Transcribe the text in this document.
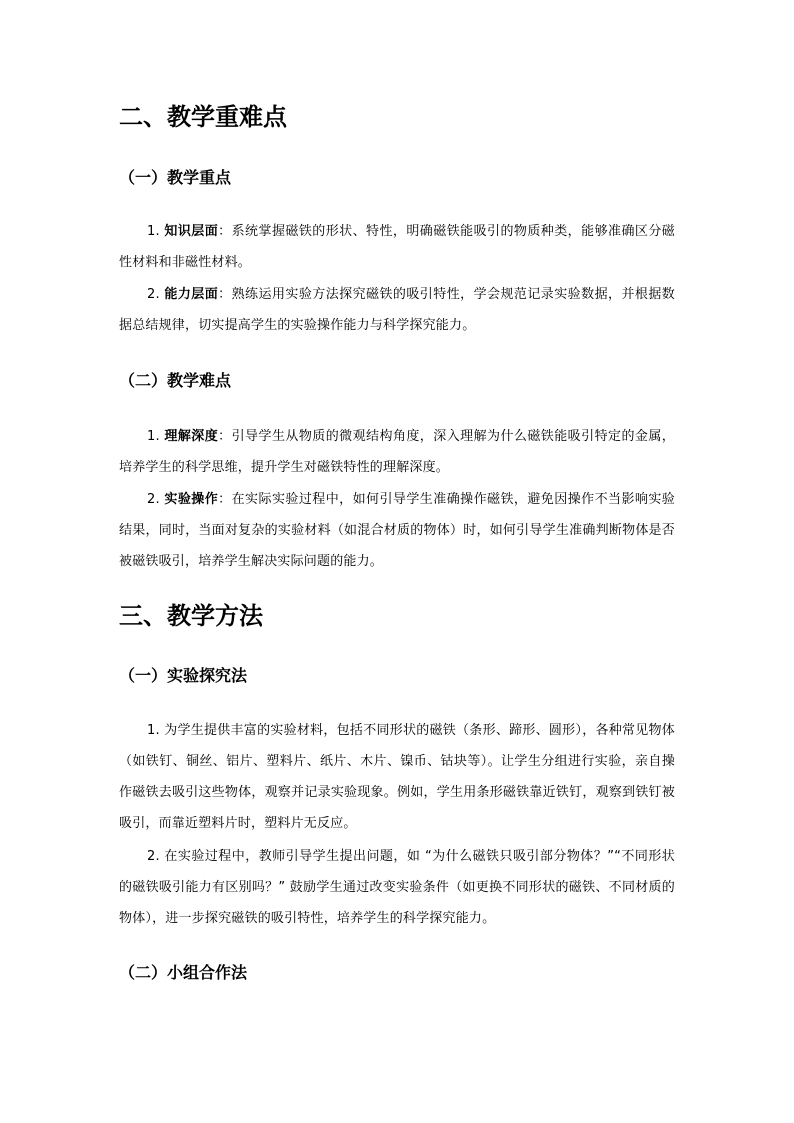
二、教学重难点
（一）教学重点
1. 知识层面：系统掌握磁铁的形状、特性，明确磁铁能吸引的物质种类，能够准确区分磁性材料和非磁性材料。
2. 能力层面：熟练运用实验方法探究磁铁的吸引特性，学会规范记录实验数据，并根据数据总结规律，切实提高学生的实验操作能力与科学探究能力。
（二）教学难点
1. 理解深度：引导学生从物质的微观结构角度，深入理解为什么磁铁能吸引特定的金属，培养学生的科学思维，提升学生对磁铁特性的理解深度。
2. 实验操作：在实际实验过程中，如何引导学生准确操作磁铁，避免因操作不当影响实验结果，同时，当面对复杂的实验材料（如混合材质的物体）时，如何引导学生准确判断物体是否被磁铁吸引，培养学生解决实际问题的能力。
三、教学方法
（一）实验探究法
1. 为学生提供丰富的实验材料，包括不同形状的磁铁（条形、蹄形、圆形），各种常见物体（如铁钉、铜丝、铝片、塑料片、纸片、木片、镍币、钴块等）。让学生分组进行实验，亲自操作磁铁去吸引这些物体，观察并记录实验现象。例如，学生用条形磁铁靠近铁钉，观察到铁钉被吸引，而靠近塑料片时，塑料片无反应。
2. 在实验过程中，教师引导学生提出问题，如 “为什么磁铁只吸引部分物体？”“不同形状的磁铁吸引能力有区别吗？” 鼓励学生通过改变实验条件（如更换不同形状的磁铁、不同材质的物体），进一步探究磁铁的吸引特性，培养学生的科学探究能力。
（二）小组合作法
